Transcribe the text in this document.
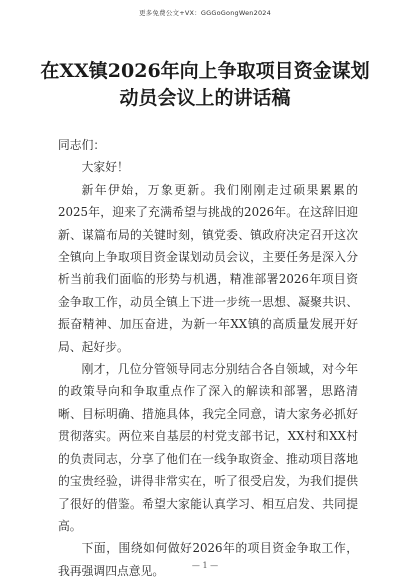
更多免费公文+VX：GGGoGongWen2024
在XX镇2026年向上争取项目资金谋划
动员会议上的讲话稿

同志们：

大家好！

新年伊始，万象更新。我们刚刚走过硕果累累的2025年，迎来了充满希望与挑战的2026年。在这辞旧迎新、谋篇布局的关键时刻，镇党委、镇政府决定召开这次全镇向上争取项目资金谋划动员会议，主要任务是深入分析当前我们面临的形势与机遇，精准部署2026年项目资金争取工作，动员全镇上下进一步统一思想、凝聚共识、振奋精神、加压奋进，为新一年XX镇的高质量发展开好局、起好步。

刚才，几位分管领导同志分别结合各自领域，对今年的政策导向和争取重点作了深入的解读和部署，思路清晰、目标明确、措施具体，我完全同意，请大家务必抓好贯彻落实。两位来自基层的村党支部书记，XX村和XX村的负责同志，分享了他们在一线争取资金、推动项目落地的宝贵经验，讲得非常实在，听了很受启发，为我们提供了很好的借鉴。希望大家能认真学习、相互启发、共同提高。

下面，围绕如何做好2026年的项目资金争取工作，我再强调四点意见。	— 1 —
